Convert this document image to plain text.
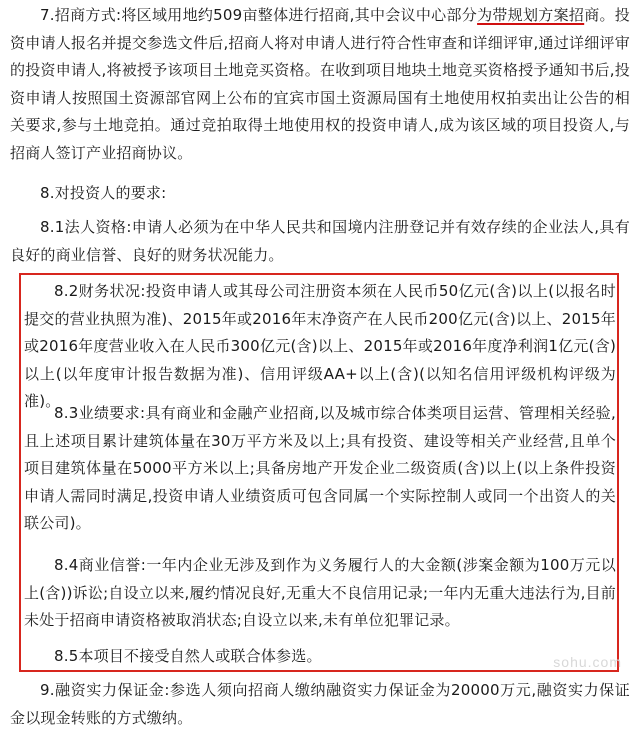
7.招商方式:将区域用地约509亩整体进行招商,其中会议中心部分为带规划方案招商。投资申请人报名并提交参选文件后,招商人将对申请人进行符合性审查和详细评审,通过详细评审的投资申请人,将被授予该项目土地竞买资格。在收到项目地块土地竞买资格授予通知书后,投资申请人按照国土资源部官网上公布的宜宾市国土资源局国有土地使用权拍卖出让公告的相关要求,参与土地竞拍。通过竞拍取得土地使用权的投资申请人,成为该区域的项目投资人,与招商人签订产业招商协议。

8.对投资人的要求:

8.1法人资格:申请人必须为在中华人民共和国境内注册登记并有效存续的企业法人,具有良好的商业信誉、良好的财务状况能力。

8.2财务状况:投资申请人或其母公司注册资本须在人民币50亿元(含)以上(以报名时提交的营业执照为准)、2015年或2016年末净资产在人民币200亿元(含)以上、2015年或2016年度营业收入在人民币300亿元(含)以上、2015年或2016年度净利润1亿元(含)以上(以年度审计报告数据为准)、信用评级AA+以上(含)(以知名信用评级机构评级为准)。

8.3业绩要求:具有商业和金融产业招商,以及城市综合体类项目运营、管理相关经验,且上述项目累计建筑体量在30万平方米及以上;具有投资、建设等相关产业经营,且单个项目建筑体量在5000平方米以上;具备房地产开发企业二级资质(含)以上(以上条件投资申请人需同时满足,投资申请人业绩资质可包含同属一个实际控制人或同一个出资人的关联公司)。

8.4商业信誉:一年内企业无涉及到作为义务履行人的大金额(涉案金额为100万元以上(含))诉讼;自设立以来,履约情况良好,无重大不良信用记录;一年内无重大违法行为,目前未处于招商申请资格被取消状态;自设立以来,未有单位犯罪记录。

8.5本项目不接受自然人或联合体参选。	sohu.com

9.融资实力保证金:参选人须向招商人缴纳融资实力保证金为20000万元,融资实力保证金以现金转账的方式缴纳。
